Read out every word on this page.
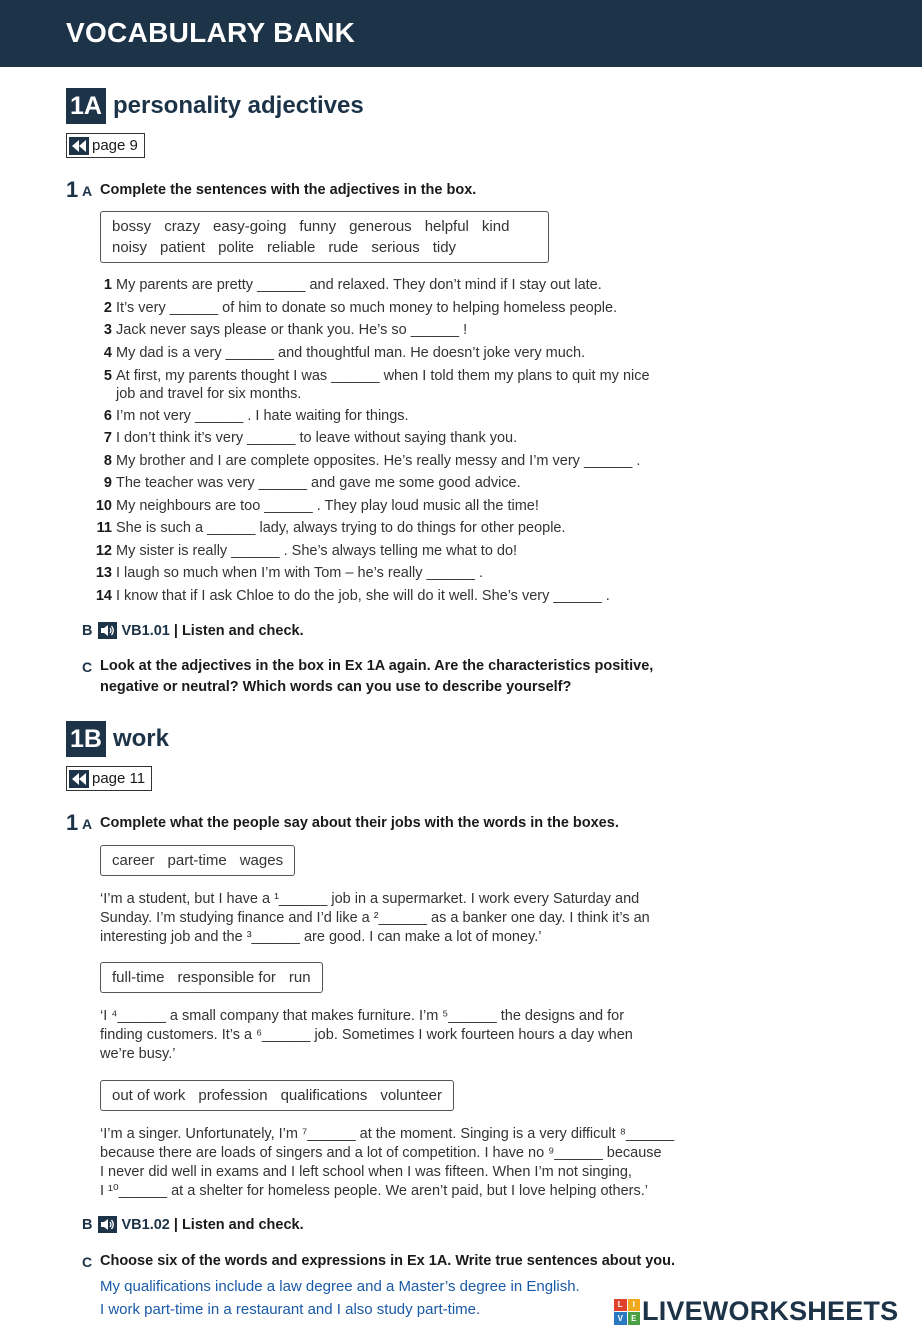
VOCABULARY BANK
1A personality adjectives
page 9
1 A Complete the sentences with the adjectives in the box.
bossy crazy easy-going funny generous helpful kind
noisy patient polite reliable rude serious tidy
1 My parents are pretty ______ and relaxed. They don’t mind if I stay out late.
2 It’s very ______ of him to donate so much money to helping homeless people.
3 Jack never says please or thank you. He’s so ______ !
4 My dad is a very ______ and thoughtful man. He doesn’t joke very much.
5 At first, my parents thought I was ______ when I told them my plans to quit my nice
job and travel for six months.
6 I’m not very ______ . I hate waiting for things.
7 I don’t think it’s very ______ to leave without saying thank you.
8 My brother and I are complete opposites. He’s really messy and I’m very ______ .
9 The teacher was very ______ and gave me some good advice.
10 My neighbours are too ______ . They play loud music all the time!
11 She is such a ______ lady, always trying to do things for other people.
12 My sister is really ______ . She’s always telling me what to do!
13 I laugh so much when I’m with Tom – he’s really ______ .
14 I know that if I ask Chloe to do the job, she will do it well. She’s very ______ .
B VB1.01 | Listen and check.
C Look at the adjectives in the box in Ex 1A again. Are the characteristics positive,
negative or neutral? Which words can you use to describe yourself?
1B work
page 11
1 A Complete what the people say about their jobs with the words in the boxes.
career part-time wages
‘I’m a student, but I have a ¹______ job in a supermarket. I work every Saturday and
Sunday. I’m studying finance and I’d like a ²______ as a banker one day. I think it’s an
interesting job and the ³______ are good. I can make a lot of money.’
full-time responsible for run
‘I ⁴______ a small company that makes furniture. I’m ⁵______ the designs and for
finding customers. It’s a ⁶______ job. Sometimes I work fourteen hours a day when
we’re busy.’
out of work profession qualifications volunteer
‘I’m a singer. Unfortunately, I’m ⁷______ at the moment. Singing is a very difficult ⁸______
because there are loads of singers and a lot of competition. I have no ⁹______ because
I never did well in exams and I left school when I was fifteen. When I’m not singing,
I ¹⁰______ at a shelter for homeless people. We aren’t paid, but I love helping others.’
B VB1.02 | Listen and check.
C Choose six of the words and expressions in Ex 1A. Write true sentences about you.
My qualifications include a law degree and a Master’s degree in English.
I work part-time in a restaurant and I also study part-time.	L	I
V	E LIVEWORKSHEETS
